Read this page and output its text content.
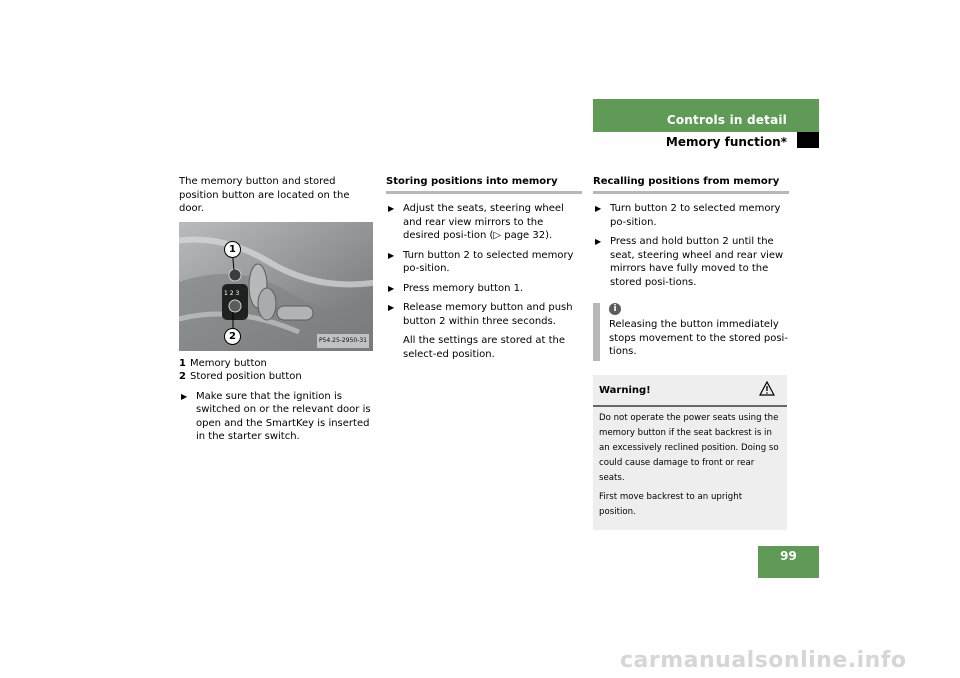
Controls in detail
Memory function*
The memory button and stored position button are located on the door.
1 2 3
1
2	P54.25-2950-31
1 Memory button
2 Stored position button
▶ Make sure that the ignition is switched on or the relevant door is open and the SmartKey is inserted in the starter switch.
Storing positions into memory
▶ Adjust the seats, steering wheel and rear view mirrors to the desired posi-tion (▷ page 32).
▶ Turn button 2 to selected memory po-sition.
▶ Press memory button 1.
▶ Release memory button and push button 2 within three seconds.
All the settings are stored at the select-ed position.
Recalling positions from memory
▶ Turn button 2 to selected memory po-sition.
▶ Press and hold button 2 until the seat, steering wheel and rear view mirrors have fully moved to the stored posi-tions.
i
Releasing the button immediately stops movement to the stored posi-tions.
Warning!

Do not operate the power seats using the memory button if the seat backrest is in an excessively reclined position. Doing so could cause damage to front or rear seats.

First move backrest to an upright position.

99
carmanualsonline.info
